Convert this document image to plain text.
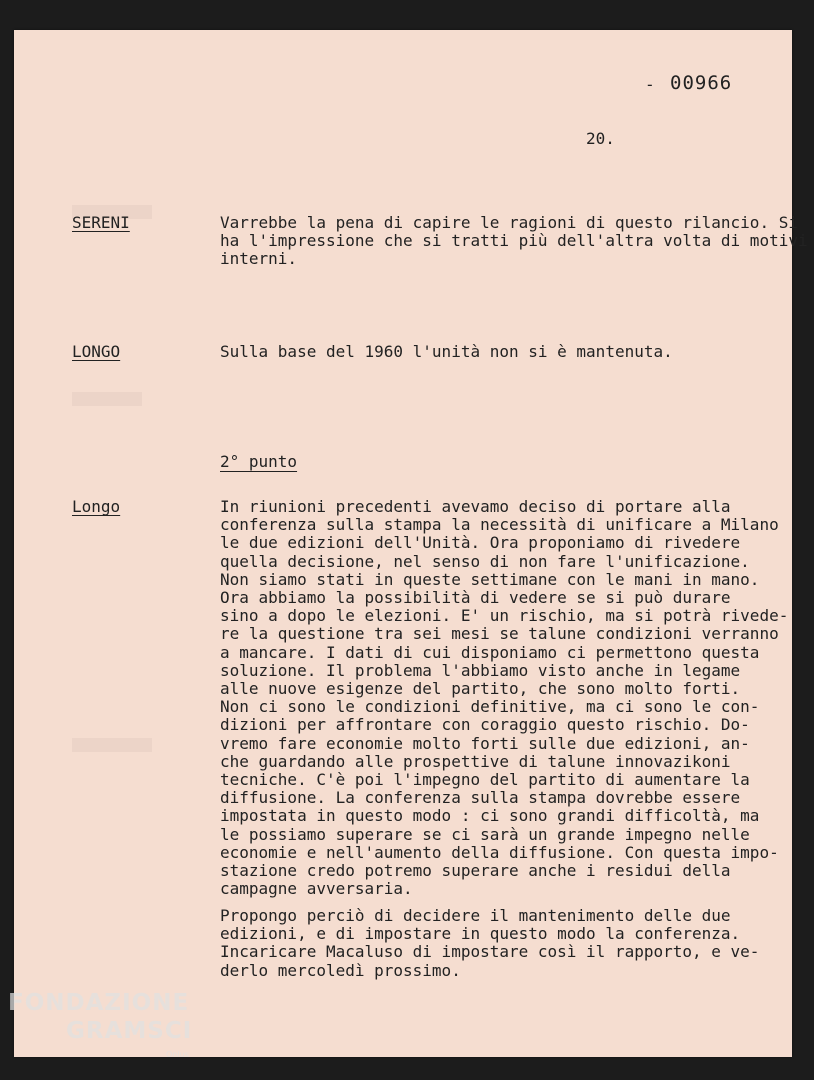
- 00966
20.
SERENI	Varrebbe la pena di capire le ragioni di questo rilancio. Si
ha l'impressione che si tratti più dell'altra volta di motivi
interni.
LONGO	Sulla base del 1960 l'unità non si è mantenuta.
2° punto
Longo	In riunioni precedenti avevamo deciso di portare alla
conferenza sulla stampa la necessità di unificare a Milano
le due edizioni dell'Unità. Ora proponiamo di rivedere
quella decisione, nel senso di non fare l'unificazione.
Non siamo stati in queste settimane con le mani in mano.
Ora abbiamo la possibilità di vedere se si può durare
sino a dopo le elezioni. E' un rischio, ma si potrà rivede-
re la questione tra sei mesi se talune condizioni verranno
a mancare. I dati di cui disponiamo ci permettono questa
soluzione. Il problema l'abbiamo visto anche in legame
alle nuove esigenze del partito, che sono molto forti.
Non ci sono le condizioni definitive, ma ci sono le con-
dizioni per affrontare con coraggio questo rischio. Do-
vremo fare economie molto forti sulle due edizioni, an-
che guardando alle prospettive di talune innovazikoni
tecniche. C'è poi l'impegno del partito di aumentare la
diffusione. La conferenza sulla stampa dovrebbe essere
impostata in questo modo : ci sono grandi difficoltà, ma
le possiamo superare se ci sarà un grande impegno nelle
economie e nell'aumento della diffusione. Con questa impo-
stazione credo potremo superare anche i residui della
campagne avversaria.
Propongo perciò di decidere il mantenimento delle due
edizioni, e di impostare in questo modo la conferenza.
Incaricare Macaluso di impostare così il rapporto, e ve-
derlo mercoledì prossimo.
FONDAZIONE
GRAMSCI
Onlus
